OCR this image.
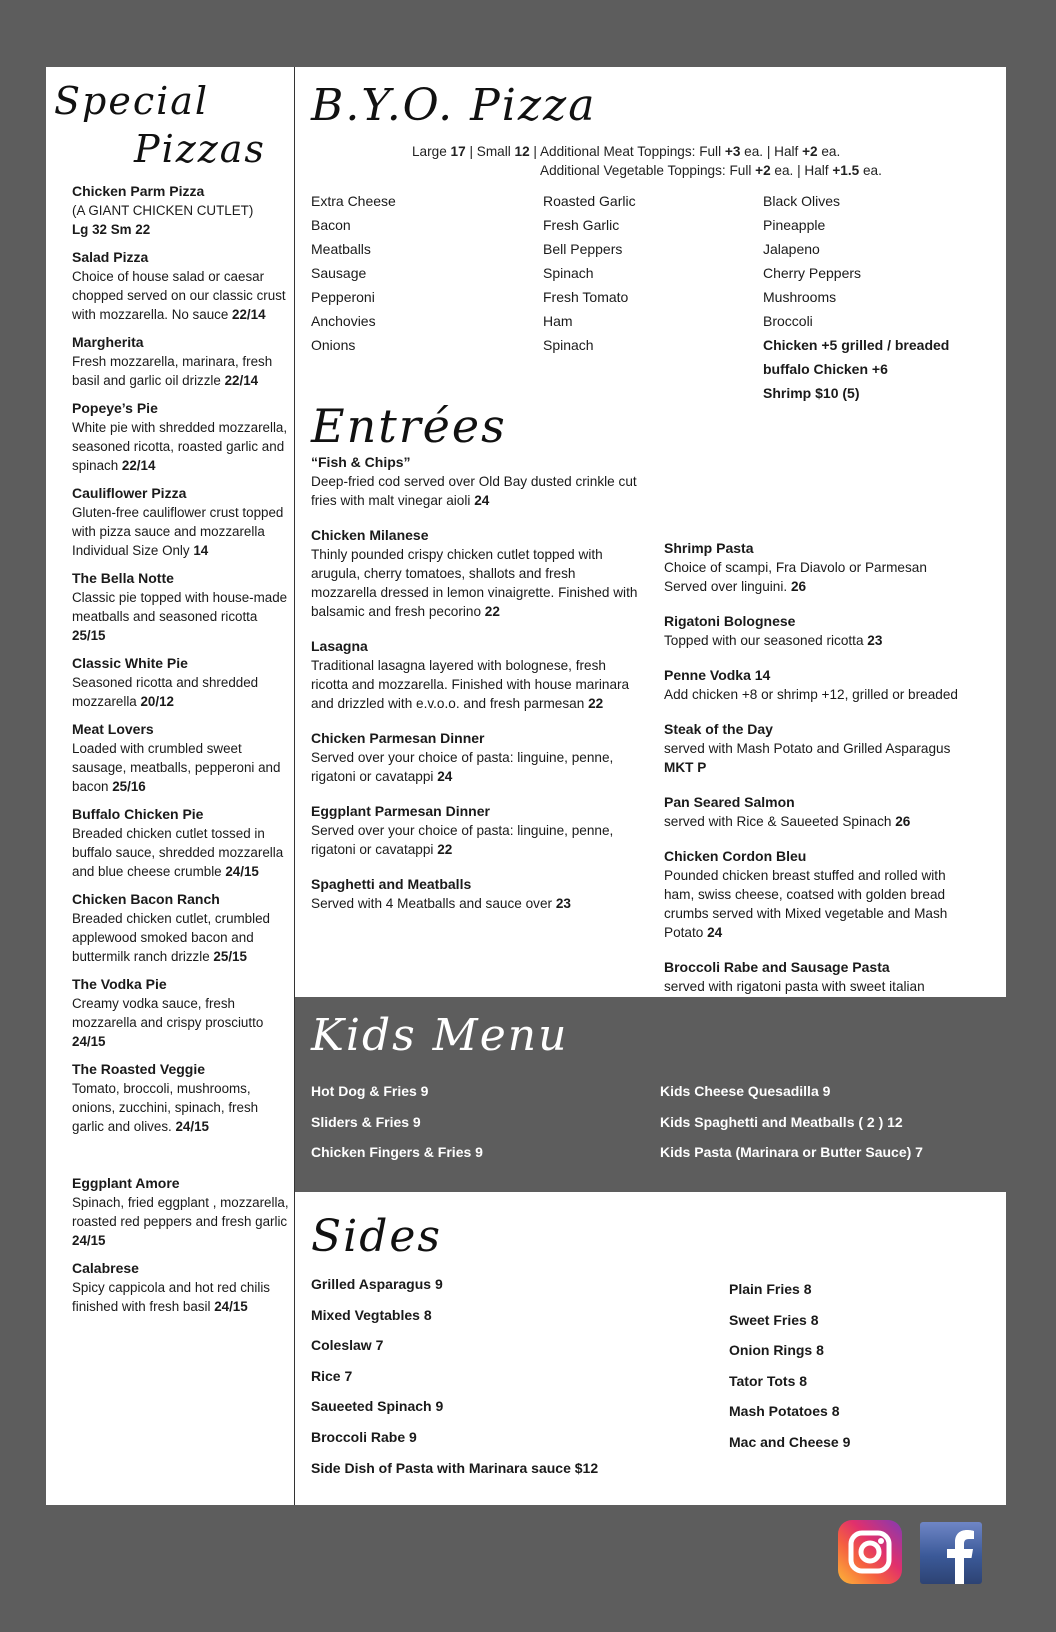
Special
Pizzas
Chicken Parm Pizza
(A GIANT CHICKEN CUTLET)
Lg 32 Sm 22
Salad Pizza
Choice of house salad or caesar chopped served on our classic crust with mozzarella. No sauce 22/14
Margherita
Fresh mozzarella, marinara, fresh basil and garlic oil drizzle 22/14
Popeye’s Pie
White pie with shredded mozzarella, seasoned ricotta, roasted garlic and spinach 22/14
Cauliflower Pizza
Gluten-free cauliflower crust topped with pizza sauce and mozzarella Individual Size Only 14
The Bella Notte
Classic pie topped with house-made meatballs and seasoned ricotta 25/15
Classic White Pie
Seasoned ricotta and shredded mozzarella 20/12
Meat Lovers
Loaded with crumbled sweet sausage, meatballs, pepperoni and bacon 25/16
Buffalo Chicken Pie
Breaded chicken cutlet tossed in buffalo sauce, shredded mozzarella and blue cheese crumble 24/15
Chicken Bacon Ranch
Breaded chicken cutlet, crumbled applewood smoked bacon and buttermilk ranch drizzle 25/15
The Vodka Pie
Creamy vodka sauce, fresh mozzarella and crispy prosciutto 24/15
The Roasted Veggie
Tomato, broccoli, mushrooms, onions, zucchini, spinach, fresh garlic and olives. 24/15
Eggplant Amore
Spinach, fried eggplant , mozzarella, roasted red peppers and fresh garlic 24/15
Calabrese
Spicy cappicola and hot red chilis finished with fresh basil 24/15
B.Y.O. Pizza
Large 17 | Small 12 | Additional Meat Toppings: Full +3 ea. | Half +2 ea.
Additional Vegetable Toppings: Full +2 ea. | Half +1.5 ea.
Extra Cheese
Bacon
Meatballs
Sausage
Pepperoni
Anchovies
Onions
Roasted Garlic
Fresh Garlic
Bell Peppers
Spinach
Fresh Tomato
Ham
Spinach
Black Olives
Pineapple
Jalapeno
Cherry Peppers
Mushrooms
Broccoli
Chicken +5 grilled / breaded
buffalo Chicken +6
Shrimp $10 (5)
Entrées
“Fish & Chips”
Deep-fried cod served over Old Bay dusted crinkle cut fries with malt vinegar aioli 24
Chicken Milanese
Thinly pounded crispy chicken cutlet topped with arugula, cherry tomatoes, shallots and fresh mozzarella dressed in lemon vinaigrette. Finished with balsamic and fresh pecorino 22
Lasagna
Traditional lasagna layered with bolognese, fresh ricotta and mozzarella. Finished with house marinara and drizzled with e.v.o.o. and fresh parmesan 22
Chicken Parmesan Dinner
Served over your choice of pasta: linguine, penne, rigatoni or cavatappi 24
Eggplant Parmesan Dinner
Served over your choice of pasta: linguine, penne, rigatoni or cavatappi 22
Spaghetti and Meatballs
Served with 4 Meatballs and sauce over 23
Shrimp Pasta
Choice of scampi, Fra Diavolo or Parmesan Served over linguini. 26
Rigatoni Bolognese
Topped with our seasoned ricotta 23
Penne Vodka 14
Add chicken +8 or shrimp +12, grilled or breaded
Steak of the Day
served with Mash Potato and Grilled Asparagus MKT P
Pan Seared Salmon
served with Rice & Saueeted Spinach 26
Chicken Cordon Bleu
Pounded chicken breast stuffed and rolled with ham, swiss cheese, coatsed with golden bread crumbs served with Mixed vegetable and Mash Potato 24
Broccoli Rabe and Sausage Pasta
served with rigatoni pasta with sweet italian
Kids Menu
Hot Dog & Fries 9
Sliders & Fries 9
Chicken Fingers & Fries 9
Kids Cheese Quesadilla 9
Kids Spaghetti and Meatballs ( 2 ) 12
Kids Pasta (Marinara or Butter Sauce) 7
Sides
Grilled Asparagus 9
Mixed Vegtables 8
Coleslaw 7
Rice 7
Saueeted Spinach 9
Broccoli Rabe 9
Side Dish of Pasta with Marinara sauce $12
Plain Fries 8
Sweet Fries 8
Onion Rings 8
Tator Tots 8
Mash Potatoes 8
Mac and Cheese 9
